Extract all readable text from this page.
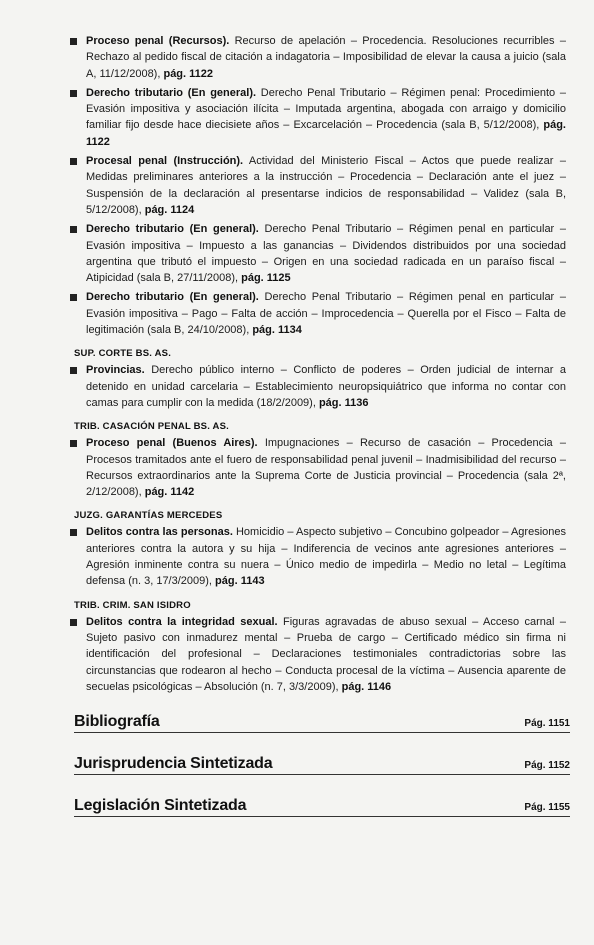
Proceso penal (Recursos). Recurso de apelación – Procedencia. Resoluciones recurribles – Rechazo al pedido fiscal de citación a indagatoria – Imposibilidad de elevar la causa a juicio (sala A, 11/12/2008), pág. 1122
Derecho tributario (En general). Derecho Penal Tributario – Régimen penal: Procedimiento – Evasión impositiva y asociación ilícita – Imputada argentina, abogada con arraigo y domicilio familiar fijo desde hace diecisiete años – Excarcelación – Procedencia (sala B, 5/12/2008), pág. 1122
Procesal penal (Instrucción). Actividad del Ministerio Fiscal – Actos que puede realizar – Medidas preliminares anteriores a la instrucción – Procedencia – Declaración ante el juez – Suspensión de la declaración al presentarse indicios de responsabilidad – Validez (sala B, 5/12/2008), pág. 1124
Derecho tributario (En general). Derecho Penal Tributario – Régimen penal en particular – Evasión impositiva – Impuesto a las ganancias – Dividendos distribuidos por una sociedad argentina que tributó el impuesto – Origen en una sociedad radicada en un paraíso fiscal – Atipicidad (sala B, 27/11/2008), pág. 1125
Derecho tributario (En general). Derecho Penal Tributario – Régimen penal en particular – Evasión impositiva – Pago – Falta de acción – Improcedencia – Querella por el Fisco – Falta de legitimación (sala B, 24/10/2008), pág. 1134
SUP. CORTE BS. AS.
Provincias. Derecho público interno – Conflicto de poderes – Orden judicial de internar a detenido en unidad carcelaria – Establecimiento neuropsiquiátrico que informa no contar con camas para cumplir con la medida (18/2/2009), pág. 1136
TRIB. CASACIÓN PENAL BS. AS.
Proceso penal (Buenos Aires). Impugnaciones – Recurso de casación – Procedencia – Procesos tramitados ante el fuero de responsabilidad penal juvenil – Inadmisibilidad del recurso – Recursos extraordinarios ante la Suprema Corte de Justicia provincial – Procedencia (sala 2ª, 2/12/2008), pág. 1142
JUZG. GARANTÍAS MERCEDES
Delitos contra las personas. Homicidio – Aspecto subjetivo – Concubino golpeador – Agresiones anteriores contra la autora y su hija – Indiferencia de vecinos ante agresiones anteriores – Agresión inminente contra su nuera – Único medio de impedirla – Medio no letal – Legítima defensa (n. 3, 17/3/2009), pág. 1143
TRIB. CRIM. SAN ISIDRO
Delitos contra la integridad sexual. Figuras agravadas de abuso sexual – Acceso carnal – Sujeto pasivo con inmadurez mental – Prueba de cargo – Certificado médico sin firma ni identificación del profesional – Declaraciones testimoniales contradictorias sobre las circunstancias que rodearon al hecho – Conducta procesal de la víctima – Ausencia aparente de secuelas psicológicas – Absolución (n. 7, 3/3/2009), pág. 1146
Bibliografía	Pág. 1151
Jurisprudencia Sintetizada	Pág. 1152
Legislación Sintetizada	Pág. 1155
